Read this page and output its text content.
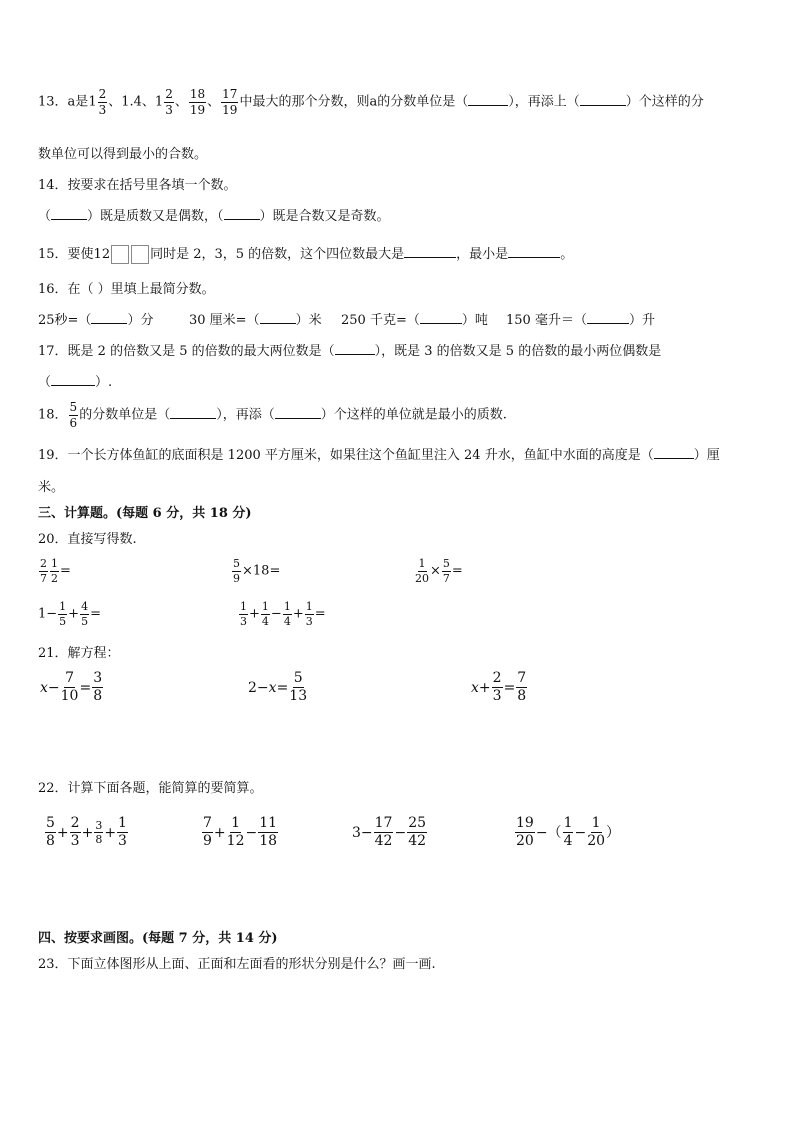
13．a是$1 \frac{2}{3}$ 、1.4、$1 \frac{2}{3}$ 、 $\frac{18}{19}$ 、 $\frac{17}{19}$ 中最大的那个分数，则a的分数单位是（	），再添上（	）个这样的分
数单位可以得到最小的合数。
14．按要求在括号里各填一个数。
（	）既是质数又是偶数，（	）既是合数又是奇数。
15．要使12	同时是 2，3，5 的倍数，这个四位数最大是	，最小是	。
16．在（ ）里填上最简分数。
25秒=（	）分	30 厘米=（	）米 250 千克=（	）吨 150 毫升＝（	）升
17．既是 2 的倍数又是 5 的倍数的最大两位数是（	），既是 3 的倍数又是 5 的倍数的最小两位偶数是
（	）.
18． $\frac{5}{6}$ 的分数单位是（	），再添（	）个这样的单位就是最小的质数.
19．一个长方体鱼缸的底面积是 1200 平方厘米，如果往这个鱼缸里注入 24 升水，鱼缸中水面的高度是（	）厘
米。
三、计算题。(每题 6 分，共 18 分)
20．直接写得数.
$\frac{2}{7} \frac{1}{2}$ =	$\frac{5}{9} \times 18=$	$\frac{1}{20} \times \frac{5}{7}$ =
$1- \frac{1}{5} + \frac{4}{5}$ =	$\frac{1}{3} + \frac{1}{4} - \frac{1}{4} + \frac{1}{3}$ =
21．解方程：
$x- \frac{7}{10} = \frac{3}{8}$	$2-x= \frac{5}{13}$	$x+ \frac{2}{3} = \frac{7}{8}$
22．计算下面各题，能简算的要简算。
$\frac{5}{8} + \frac{2}{3} + \frac{3}{8} + \frac{1}{3}$	$\frac{7}{9} + \frac{1}{12} - \frac{11}{18}$	$3- \frac{17}{42} - \frac{25}{42}$	$\frac{19}{20}$ −（ $\frac{1}{4} - \frac{1}{20}$ ）
四、按要求画图。(每题 7 分，共 14 分)
23．下面立体图形从上面、正面和左面看的形状分别是什么？画一画.
